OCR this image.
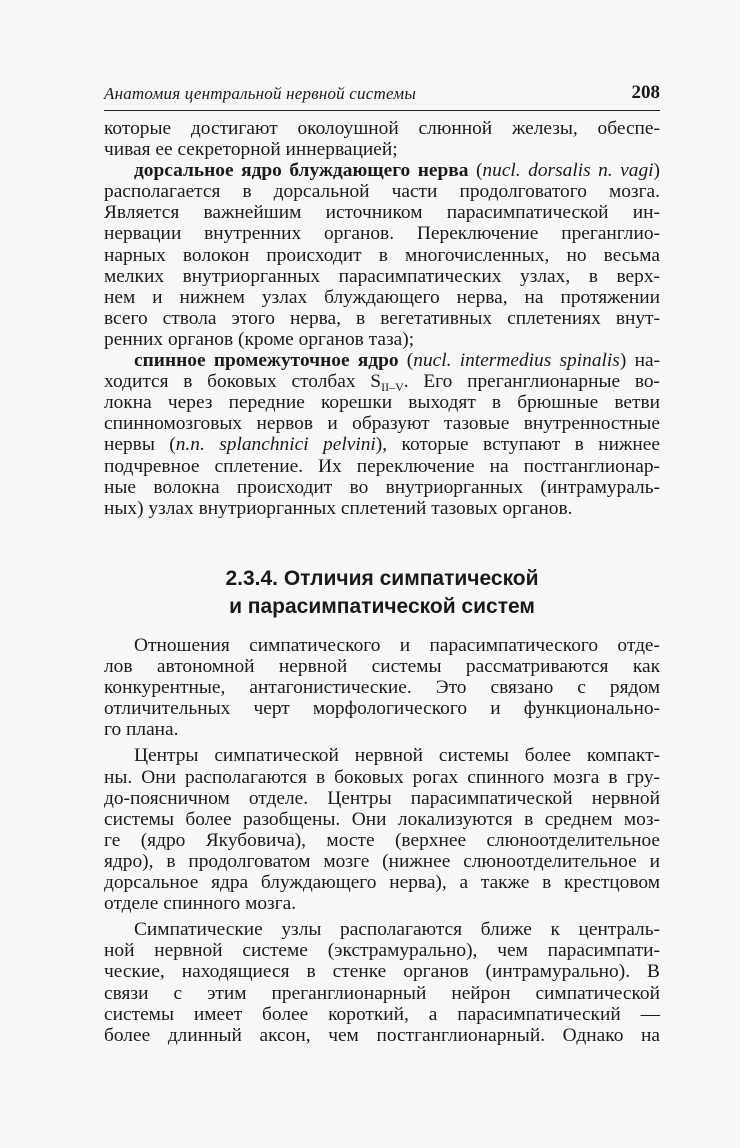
Анатомия центральной нервной системы	208
которые достигают околоушной слюнной железы, обеспе-
чивая ее секреторной иннервацией;
дорсальное ядро блуждающего нерва (nucl. dorsalis n. vagi)
располагается в дорсальной части продолговатого мозга.
Является важнейшим источником парасимпатической ин-
нервации внутренних органов. Переключение преганглио-
нарных волокон происходит в многочисленных, но весьма
мелких внутриорганных парасимпатических узлах, в верх-
нем и нижнем узлах блуждающего нерва, на протяжении
всего ствола этого нерва, в вегетативных сплетениях внут-
ренних органов (кроме органов таза);
спинное промежуточное ядро (nucl. intermedius spinalis) на-
ходится в боковых столбах $S_{II-V}$. Его преганглионарные во-
локна через передние корешки выходят в брюшные ветви
спинномозговых нервов и образуют тазовые внутренностные
нервы (n.n. splanchnici pelvini), которые вступают в нижнее
подчревное сплетение. Их переключение на постганглионар-
ные волокна происходит во внутриорганных (интрамураль-
ных) узлах внутриорганных сплетений тазовых органов.
2.3.4. Отличия симпатической
и парасимпатической систем
Отношения симпатического и парасимпатического отде-
лов автономной нервной системы рассматриваются как
конкурентные, антагонистические. Это связано с рядом
отличительных черт морфологического и функционально-
го плана.
Центры симпатической нервной системы более компакт-
ны. Они располагаются в боковых рогах спинного мозга в гру-
до-поясничном отделе. Центры парасимпатической нервной
системы более разобщены. Они локализуются в среднем моз-
ге (ядро Якубовича), мосте (верхнее слюноотделительное
ядро), в продолговатом мозге (нижнее слюноотделительное и
дорсальное ядра блуждающего нерва), а также в крестцовом
отделе спинного мозга.
Симпатические узлы располагаются ближе к централь-
ной нервной системе (экстрамурально), чем парасимпати-
ческие, находящиеся в стенке органов (интрамурально). В
связи с этим преганглионарный нейрон симпатической
системы имеет более короткий, а парасимпатический —
более длинный аксон, чем постганглионарный. Однако на
